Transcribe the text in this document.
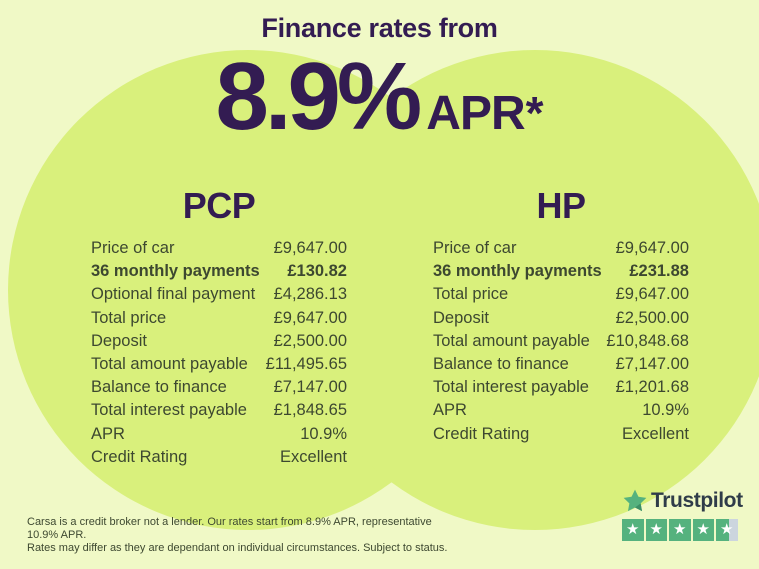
Finance rates from
8.9% APR *
PCP
Price of car	£9,647.00
36 monthly payments £130.82
Optional final payment £4,286.13
Total price	£9,647.00
Deposit	£2,500.00
Total amount payable £11,495.65
Balance to finance	£7,147.00
Total interest payable £1,848.65
APR	10.9%
Credit Rating	Excellent
HP
Price of car	£9,647.00
36 monthly payments £231.88
Total price	£9,647.00
Deposit	£2,500.00
Total amount payable £10,848.68
Balance to finance	£7,147.00
Total interest payable £1,201.68
APR	10.9%
Credit Rating	Excellent

Carsa is a credit broker not a lender. Our rates start from 8.9% APR, representative 10.9% APR.

Rates may differ as they are dependant on individual circumstances. Subject to status.

Trustpilot
★ ★ ★ ★ ★
